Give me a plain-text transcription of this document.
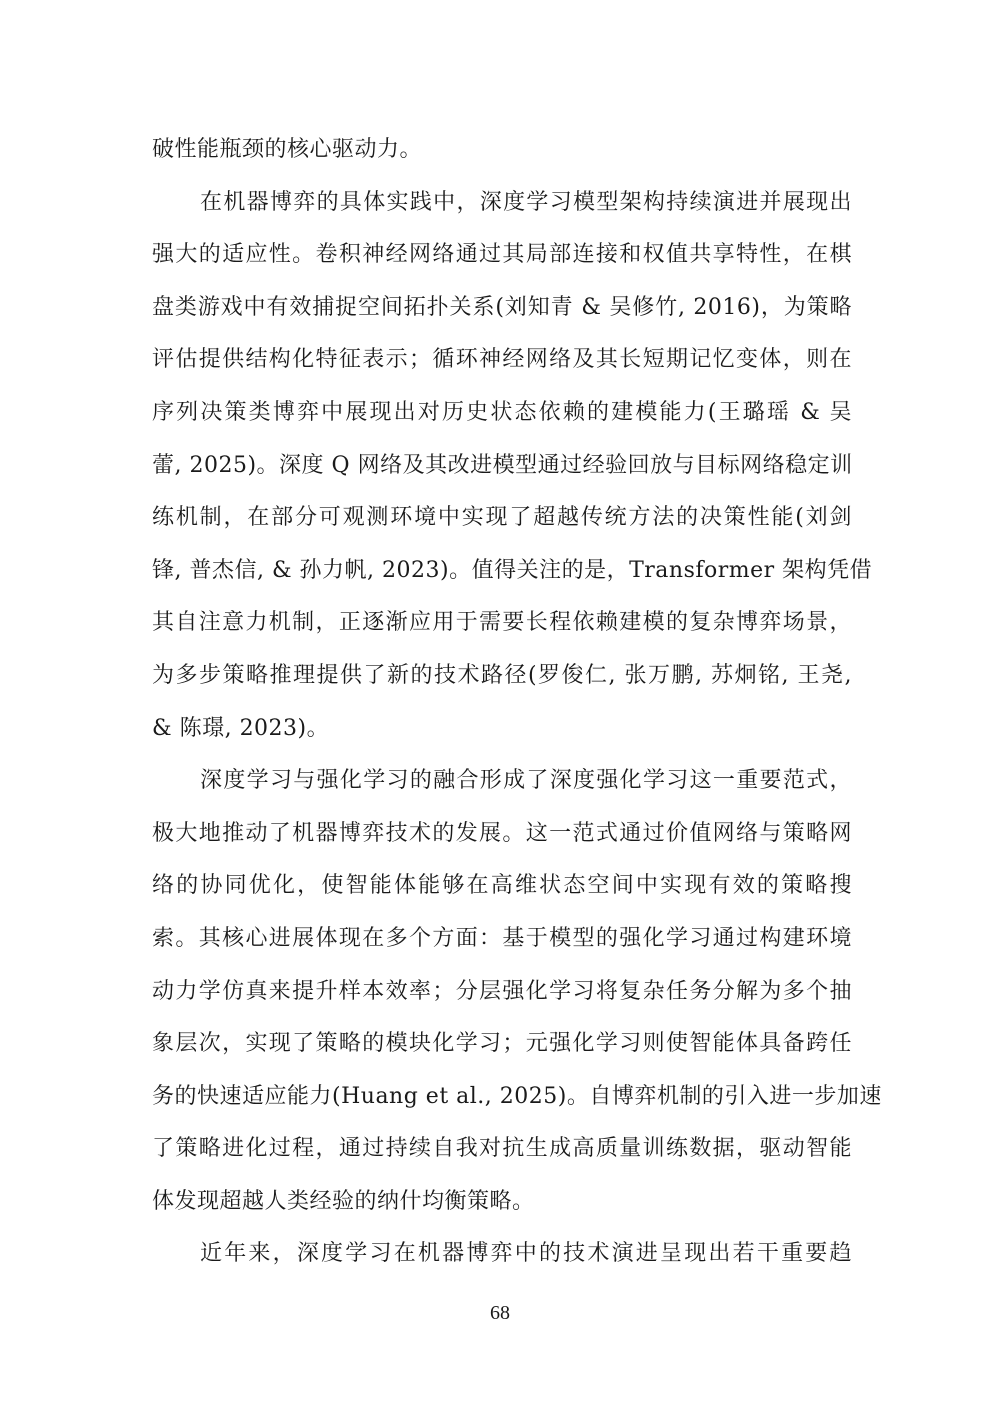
破性能瓶颈的核心驱动力。
在机器博弈的具体实践中，深度学习模型架构持续演进并展现出
强大的适应性。卷积神经网络通过其局部连接和权值共享特性，在棋
盘类游戏中有效捕捉空间拓扑关系(刘知青 & 吴修竹, 2016)，为策略
评估提供结构化特征表示；循环神经网络及其长短期记忆变体，则在
序列决策类博弈中展现出对历史状态依赖的建模能力(王璐瑶 & 吴
蕾, 2025)。深度 Q 网络及其改进模型通过经验回放与目标网络稳定训
练机制，在部分可观测环境中实现了超越传统方法的决策性能(刘剑
锋, 普杰信, & 孙力帆, 2023)。值得关注的是，Transformer 架构凭借
其自注意力机制，正逐渐应用于需要长程依赖建模的复杂博弈场景，
为多步策略推理提供了新的技术路径(罗俊仁, 张万鹏, 苏炯铭, 王尧,
& 陈璟, 2023)。
深度学习与强化学习的融合形成了深度强化学习这一重要范式，
极大地推动了机器博弈技术的发展。这一范式通过价值网络与策略网
络的协同优化，使智能体能够在高维状态空间中实现有效的策略搜
索。其核心进展体现在多个方面：基于模型的强化学习通过构建环境
动力学仿真来提升样本效率；分层强化学习将复杂任务分解为多个抽
象层次，实现了策略的模块化学习；元强化学习则使智能体具备跨任
务的快速适应能力(Huang et al., 2025)。自博弈机制的引入进一步加速
了策略进化过程，通过持续自我对抗生成高质量训练数据，驱动智能
体发现超越人类经验的纳什均衡策略。
近年来，深度学习在机器博弈中的技术演进呈现出若干重要趋
68
